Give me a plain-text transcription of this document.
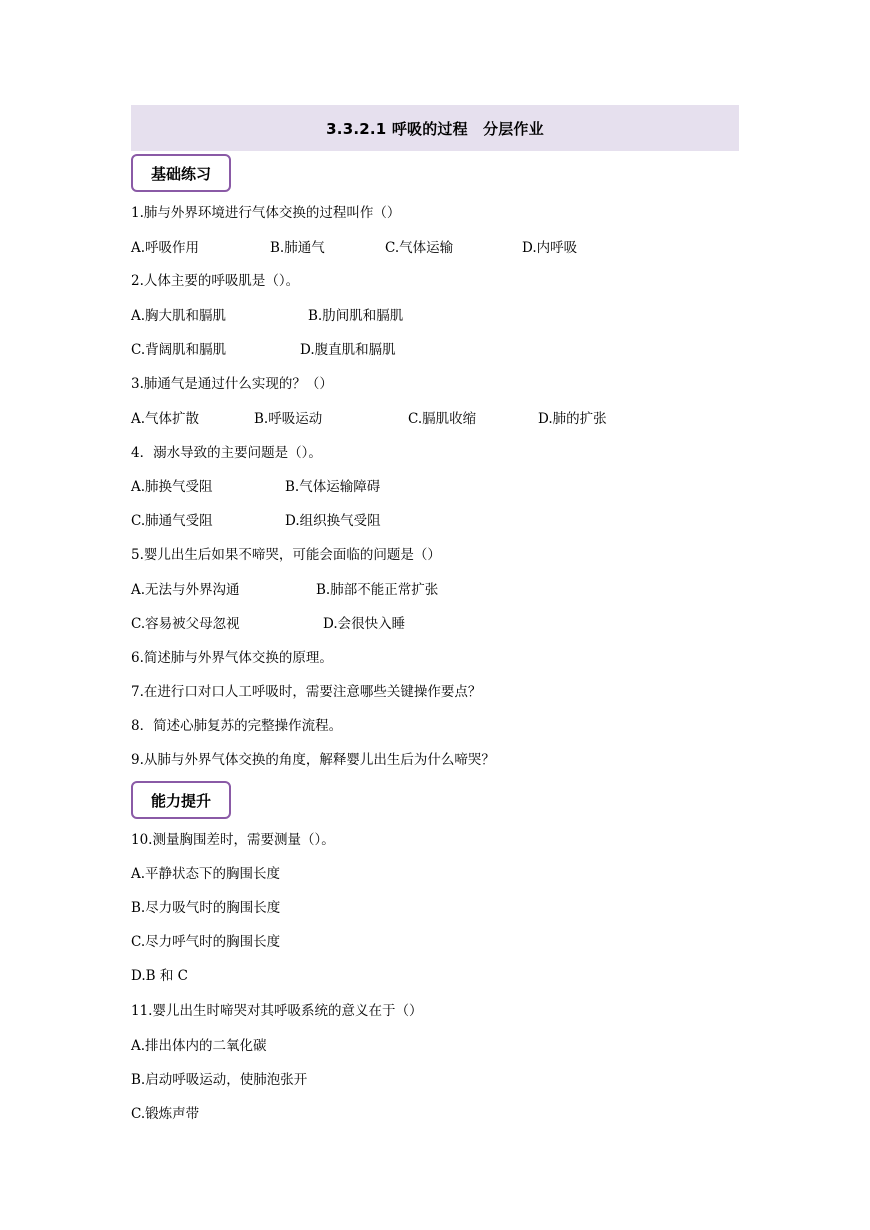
3.3.2.1 呼吸的过程　分层作业
基础练习
1.肺与外界环境进行气体交换的过程叫作（）
A.呼吸作用	B.肺通气	C.气体运输	D.内呼吸
2.人体主要的呼吸肌是（）。
A.胸大肌和膈肌	B.肋间肌和膈肌
C.背阔肌和膈肌	D.腹直肌和膈肌
3.肺通气是通过什么实现的？（）
A.气体扩散	B.呼吸运动	C.膈肌收缩	D.肺的扩张
4．溺水导致的主要问题是（）。
A.肺换气受阻	B.气体运输障碍
C.肺通气受阻	D.组织换气受阻
5.婴儿出生后如果不啼哭，可能会面临的问题是（）
A.无法与外界沟通	B.肺部不能正常扩张
C.容易被父母忽视	D.会很快入睡
6.简述肺与外界气体交换的原理。
7.在进行口对口人工呼吸时，需要注意哪些关键操作要点？
8．简述心肺复苏的完整操作流程。
9.从肺与外界气体交换的角度，解释婴儿出生后为什么啼哭？
能力提升
10.测量胸围差时，需要测量（）。
A.平静状态下的胸围长度
B.尽力吸气时的胸围长度
C.尽力呼气时的胸围长度
D.B 和 C
11.婴儿出生时啼哭对其呼吸系统的意义在于（）
A.排出体内的二氧化碳
B.启动呼吸运动，使肺泡张开
C.锻炼声带
